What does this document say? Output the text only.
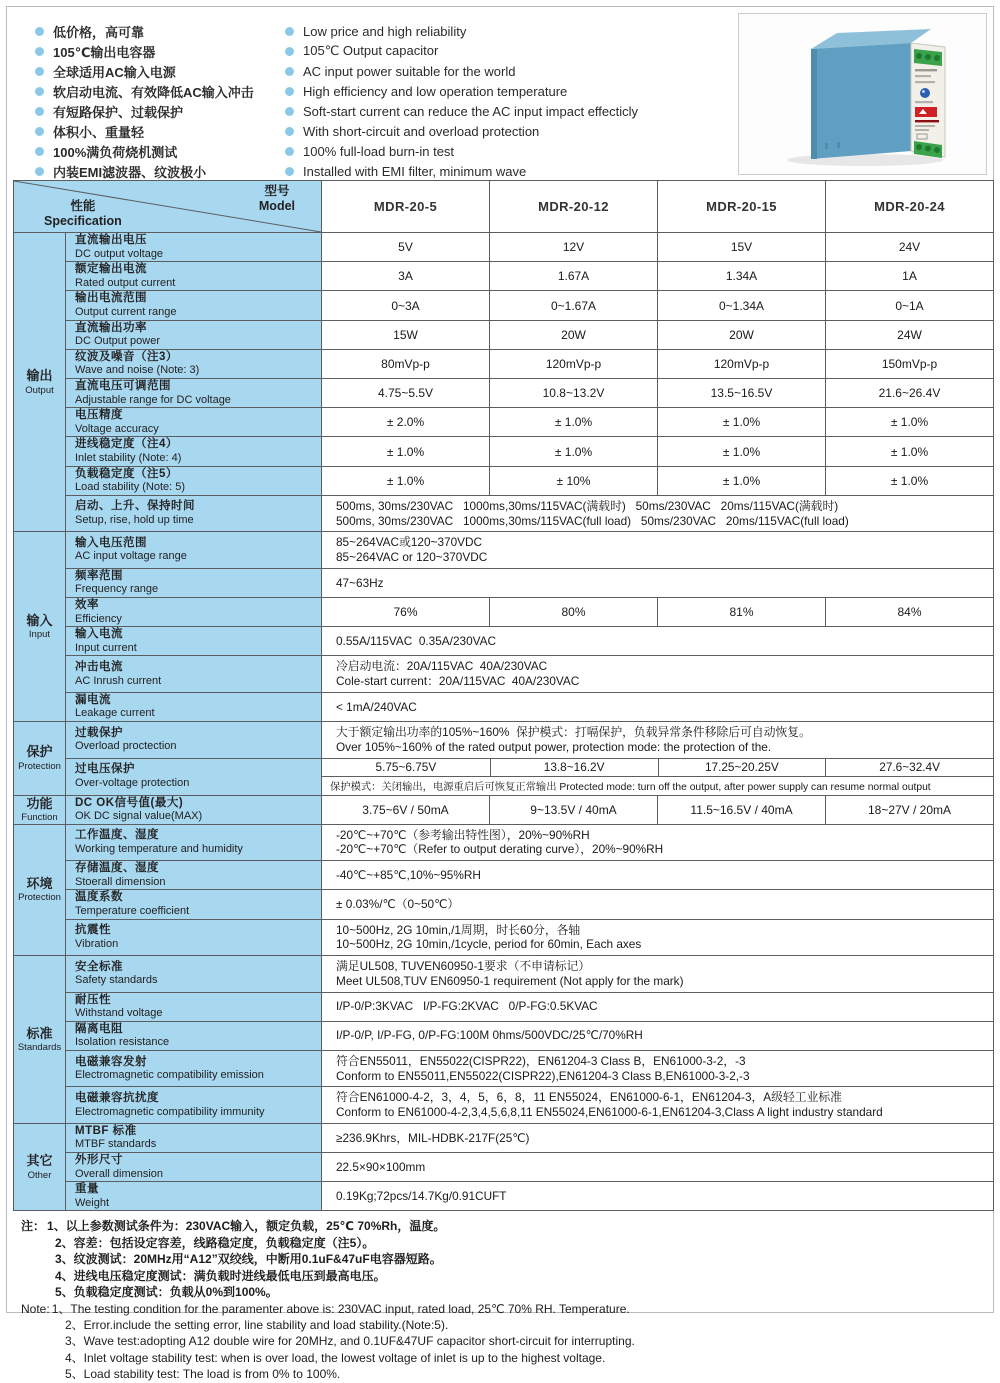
低价格，高可靠
105℃输出电容器
全球适用AC输入电源
软启动电流、有效降低AC输入冲击
有短路保护、过载保护
体积小、重量轻
100%满负荷烧机测试
内装EMI滤波器、纹波极小
Low price and high reliability
105℃ Output capacitor
AC input power suitable for the world
High efficiency and low operation temperature
Soft-start current can reduce the AC input impact effecticly
With short-circuit and overload protection
100% full-load burn-in test
Installed with EMI filter, minimum wave
型号
Model
性能
Specification		MDR-20-5	MDR-20-12	MDR-20-15	MDR-20-24

输出
Output

直流输出电压
DC output voltage	5V	12V	15V	24V

	额定输出电流
Rated output current	3A	1.67A	1.34A	1A

	输出电流范围
Output current range	0~3A	0~1.67A	0~1.34A	0~1A

	直流输出功率
DC Output power	15W	20W	20W	24W

	纹波及噪音（注3）
Wave and noise (Note: 3)	80mVp-p	120mVp-p	120mVp-p	150mVp-p

	直流电压可调范围
Adjustable range for DC voltage	4.75~5.5V	10.8~13.2V	13.5~16.5V	21.6~26.4V

	电压精度
Voltage accuracy	± 2.0%	± 1.0%	± 1.0%	± 1.0%

	进线稳定度（注4）
Inlet stability (Note: 4)	± 1.0%	± 1.0%	± 1.0%	± 1.0%

	负载稳定度（注5）
Load stability (Note: 5)	± 1.0%	± 10%	± 1.0%	± 1.0%

启动、上升、保持时间
Setup, rise, hold up time

500ms, 30ms/230VAC   1000ms,30ms/115VAC(满载时)   50ms/230VAC   20ms/115VAC(满载时)
500ms, 30ms/230VAC   1000ms,30ms/115VAC(full load)   50ms/230VAC   20ms/115VAC(full load)

输入
Input

输入电压范围
AC input voltage range

85~264VAC或120~370VDC
85~264VAC or 120~370VDC

	频率范围
Frequency range	47~63Hz			

	效率
Efficiency	76%	80%	81%	84%

	输入电流
Input current	0.55A/115VAC  0.35A/230VAC			

冲击电流
AC Inrush current

冷启动电流：20A/115VAC  40A/230VAC
Cole-start current：20A/115VAC  40A/230VAC

	漏电流
Leakage current	< 1mA/240VAC			

保护
Protection

过载保护
Overload proctection

大于额定输出功率的105%~160%  保护模式：打嗝保护，负载异常条件移除后可自动恢复。
Over 105%~160% of the rated output power, protection mode: the protection of the.

过电压保护
Over-voltage protection

5.75~6.75V	13.8~16.2V	17.25~20.25V	27.6~32.4V
保护模式：关闭输出，电源重启后可恢复正常输出 Protected mode: turn off the output, after power supply can resume normal output

功能
Function

DC OK信号值(最大)
OK DC signal value(MAX)	3.75~6V / 50mA	9~13.5V / 40mA	11.5~16.5V / 40mA	18~27V / 20mA

环境
Protection

工作温度、湿度
Working temperature and humidity

-20℃~+70℃（参考输出特性图），20%~90%RH
-20℃~+70℃（Refer to output derating curve），20%~90%RH

	存储温度、湿度
Stoerall dimension	-40℃~+85℃,10%~95%RH			

	温度系数
Temperature coefficient	± 0.03%/℃（0~50℃）			

抗震性
Vibration

10~500Hz, 2G 10min,/1周期，时长60分，各轴
10~500Hz, 2G 10min,/1cycle, period for 60min, Each axes

标准
Standards

安全标准
Safety standards

满足UL508, TUVEN60950-1要求（不申请标记）
Meet UL508,TUV EN60950-1 requirement (Not apply for the mark)

	耐压性
Withstand voltage	I/P-0/P:3KVAC   I/P-FG:2KVAC   0/P-FG:0.5KVAC			

	隔离电阻
Isolation resistance	I/P-0/P, I/P-FG, 0/P-FG:100M 0hms/500VDC/25℃/70%RH			

电磁兼容发射
Electromagnetic compatibility emission

符合EN55011，EN55022(CISPR22)，EN61204-3 Class B，EN61000-3-2，-3
Conform to EN55011,EN55022(CISPR22),EN61204-3 Class B,EN61000-3-2,-3

电磁兼容抗扰度
Electromagnetic compatibility immunity

符合EN61000-4-2，3，4，5，6，8，11 EN55024，EN61000-6-1，EN61204-3，A级轻工业标准
Conform to EN61000-4-2,3,4,5,6,8,11 EN55024,EN61000-6-1,EN61204-3,Class A light industry standard

其它
Other

MTBF 标准
MTBF standards	≥236.9Khrs，MIL-HDBK-217F(25℃)

	外形尺寸
Overall dimension	22.5×90×100mm			

	重量
Weight	0.19Kg;72pcs/14.7Kg/0.91CUFT			
注： 1、以上参数测试条件为：230VAC输入，额定负载，25℃ 70%Rh，温度。
2、容差：包括设定容差，线路稳定度，负载稳定度（注5）。
3、纹波测试：20MHz用“A12”双绞线，中断用0.1uF&47uF电容器短路。
4、进线电压稳定度测试：满负载时进线最低电压到最高电压。
5、负载稳定度测试：负载从0%到100%。
Note: 1、The testing condition for the paramenter above is: 230VAC input, rated load, 25℃ 70% RH. Temperature.
2、Error.include the setting error, line stability and load stability.(Note:5).
3、Wave test:adopting A12 double wire for 20MHz, and 0.1UF&47UF capacitor short-circuit for interrupting.
4、Inlet voltage stability test: when is over load, the lowest voltage of inlet is up to the highest voltage.
5、Load stability test: The load is from 0% to 100%.
